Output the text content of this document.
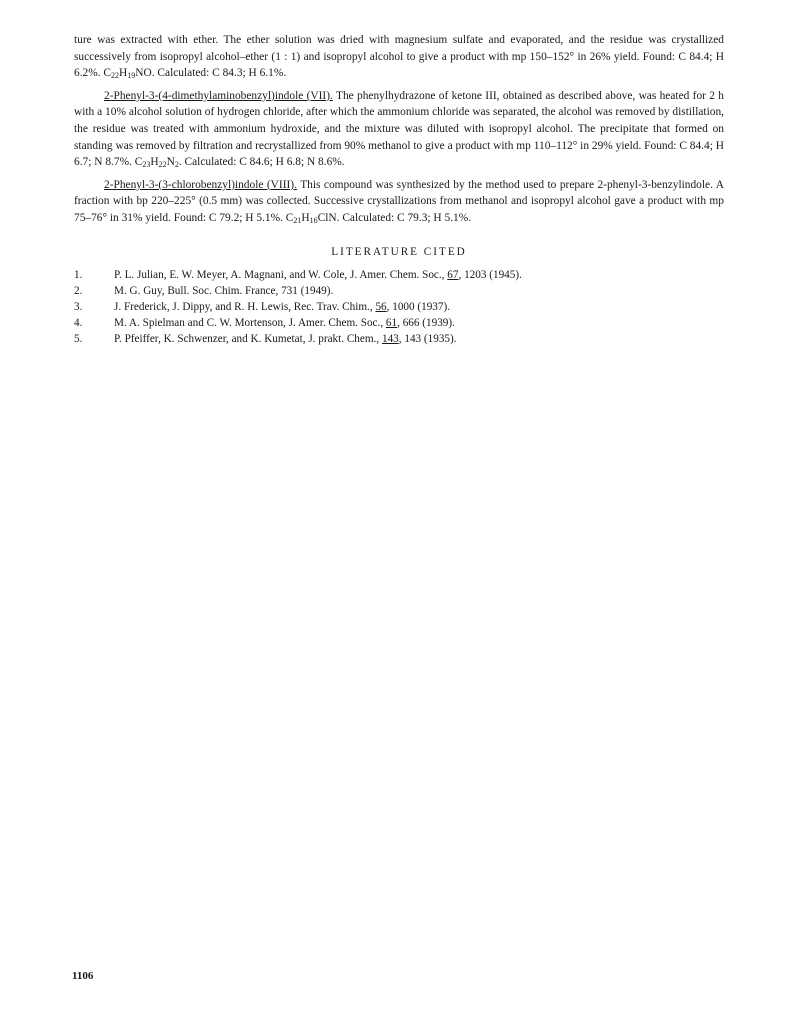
ture was extracted with ether. The ether solution was dried with magnesium sulfate and evaporated, and the residue was crystallized successively from isopropyl alcohol–ether (1 : 1) and isopropyl alcohol to give a product with mp 150–152° in 26% yield. Found: C 84.4; H 6.2%. $C_{22}H_{19}NO$. Calculated: C 84.3; H 6.1%.

2-Phenyl-3-(4-dimethylaminobenzyl)indole (VII). The phenylhydrazone of ketone III, obtained as described above, was heated for 2 h with a 10% alcohol solution of hydrogen chloride, after which the ammonium chloride was separated, the alcohol was removed by distillation, the residue was treated with ammonium hydroxide, and the mixture was diluted with isopropyl alcohol. The precipitate that formed on standing was removed by filtration and recrystallized from 90% methanol to give a product with mp 110–112° in 29% yield. Found: C 84.4; H 6.7; N 8.7%. $C_{23}H_{22}N_2$. Calculated: C 84.6; H 6.8; N 8.6%.

2-Phenyl-3-(3-chlorobenzyl)indole (VIII). This compound was synthesized by the method used to prepare 2-phenyl-3-benzylindole. A fraction with bp 220–225° (0.5 mm) was collected. Successive crystallizations from methanol and isopropyl alcohol gave a product with mp 75–76° in 31% yield. Found: C 79.2; H 5.1%. $C_{21}H_{16}ClN$. Calculated: C 79.3; H 5.1%.

LITERATURE CITED
1.	P. L. Julian, E. W. Meyer, A. Magnani, and W. Cole, J. Amer. Chem. Soc., 67, 1203 (1945).
2.	M. G. Guy, Bull. Soc. Chim. France, 731 (1949).
3.	J. Frederick, J. Dippy, and R. H. Lewis, Rec. Trav. Chim., 56, 1000 (1937).
4.	M. A. Spielman and C. W. Mortenson, J. Amer. Chem. Soc., 61, 666 (1939).
5.	P. Pfeiffer, K. Schwenzer, and K. Kumetat, J. prakt. Chem., 143, 143 (1935).
1106
